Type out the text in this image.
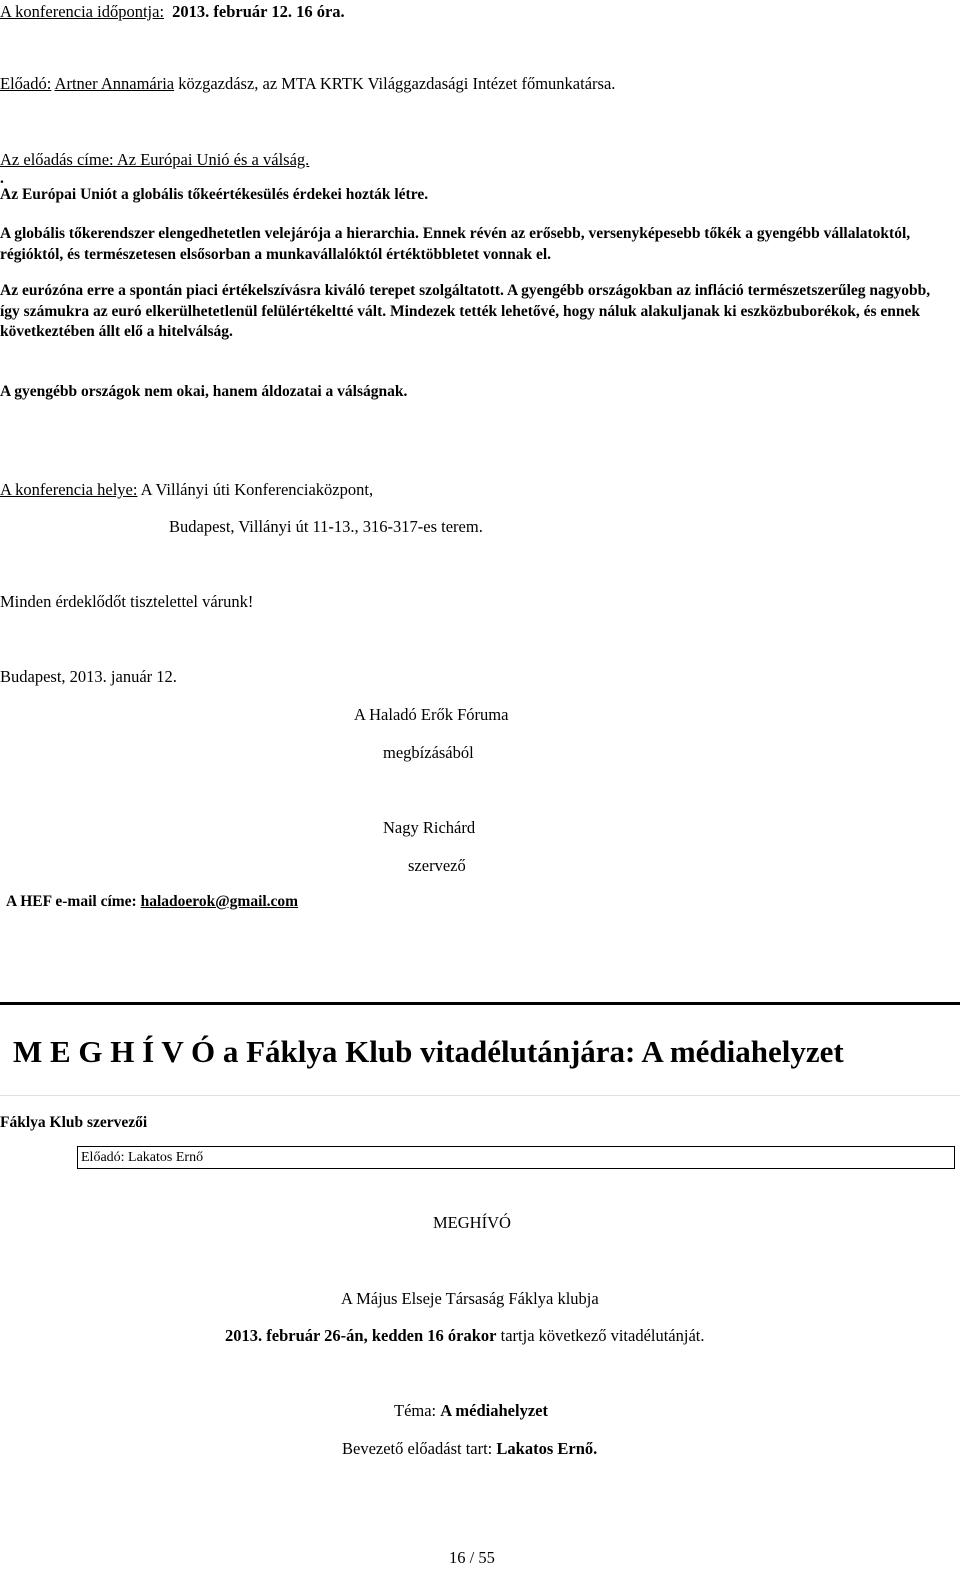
A konferencia időpontja: 2013. február 12. 16 óra.
Előadó: Artner Annamária közgazdász, az MTA KRTK Világgazdasági Intézet főmunkatársa.
Az előadás címe: Az Európai Unió és a válság.
.
Az Európai Uniót a globális tőkeértékesülés érdekei hozták létre.
A globális tőkerendszer elengedhetetlen velejárója a hierarchia. Ennek révén az erősebb, versenyképesebb tőkék a gyengébb vállalatoktól, régióktól, és természetesen elsősorban a munkavállalóktól értéktöbbletet vonnak el.
Az eurózóna erre a spontán piaci értékelszívásra kiváló terepet szolgáltatott. A gyengébb országokban az infláció természetszerűleg nagyobb, így számukra az euró elkerülhetetlenül felülértékeltté vált. Mindezek tették lehetővé, hogy náluk alakuljanak ki eszközbuborékok, és ennek következtében állt elő a hitelválság.
A gyengébb országok nem okai, hanem áldozatai a válságnak.
A konferencia helye: A Villányi úti Konferenciaközpont,
Budapest, Villányi út 11-13., 316-317-es terem.
Minden érdeklődőt tisztelettel várunk!
Budapest, 2013. január 12.
A Haladó Erők Fóruma
megbízásából
Nagy Richárd
szervező
A HEF e-mail címe: haladoerok@gmail.com
M E G H Í V Ó a Fáklya Klub vitadélutánjára: A médiahelyzet
Fáklya Klub szervezői
Előadó: Lakatos Ernő
MEGHÍVÓ
A Május Elseje Társaság Fáklya klubja
2013. február 26-án, kedden 16 órakor tartja következő vitadélutánját.
Téma: A médiahelyzet
Bevezető előadást tart: Lakatos Ernő.
16 / 55
